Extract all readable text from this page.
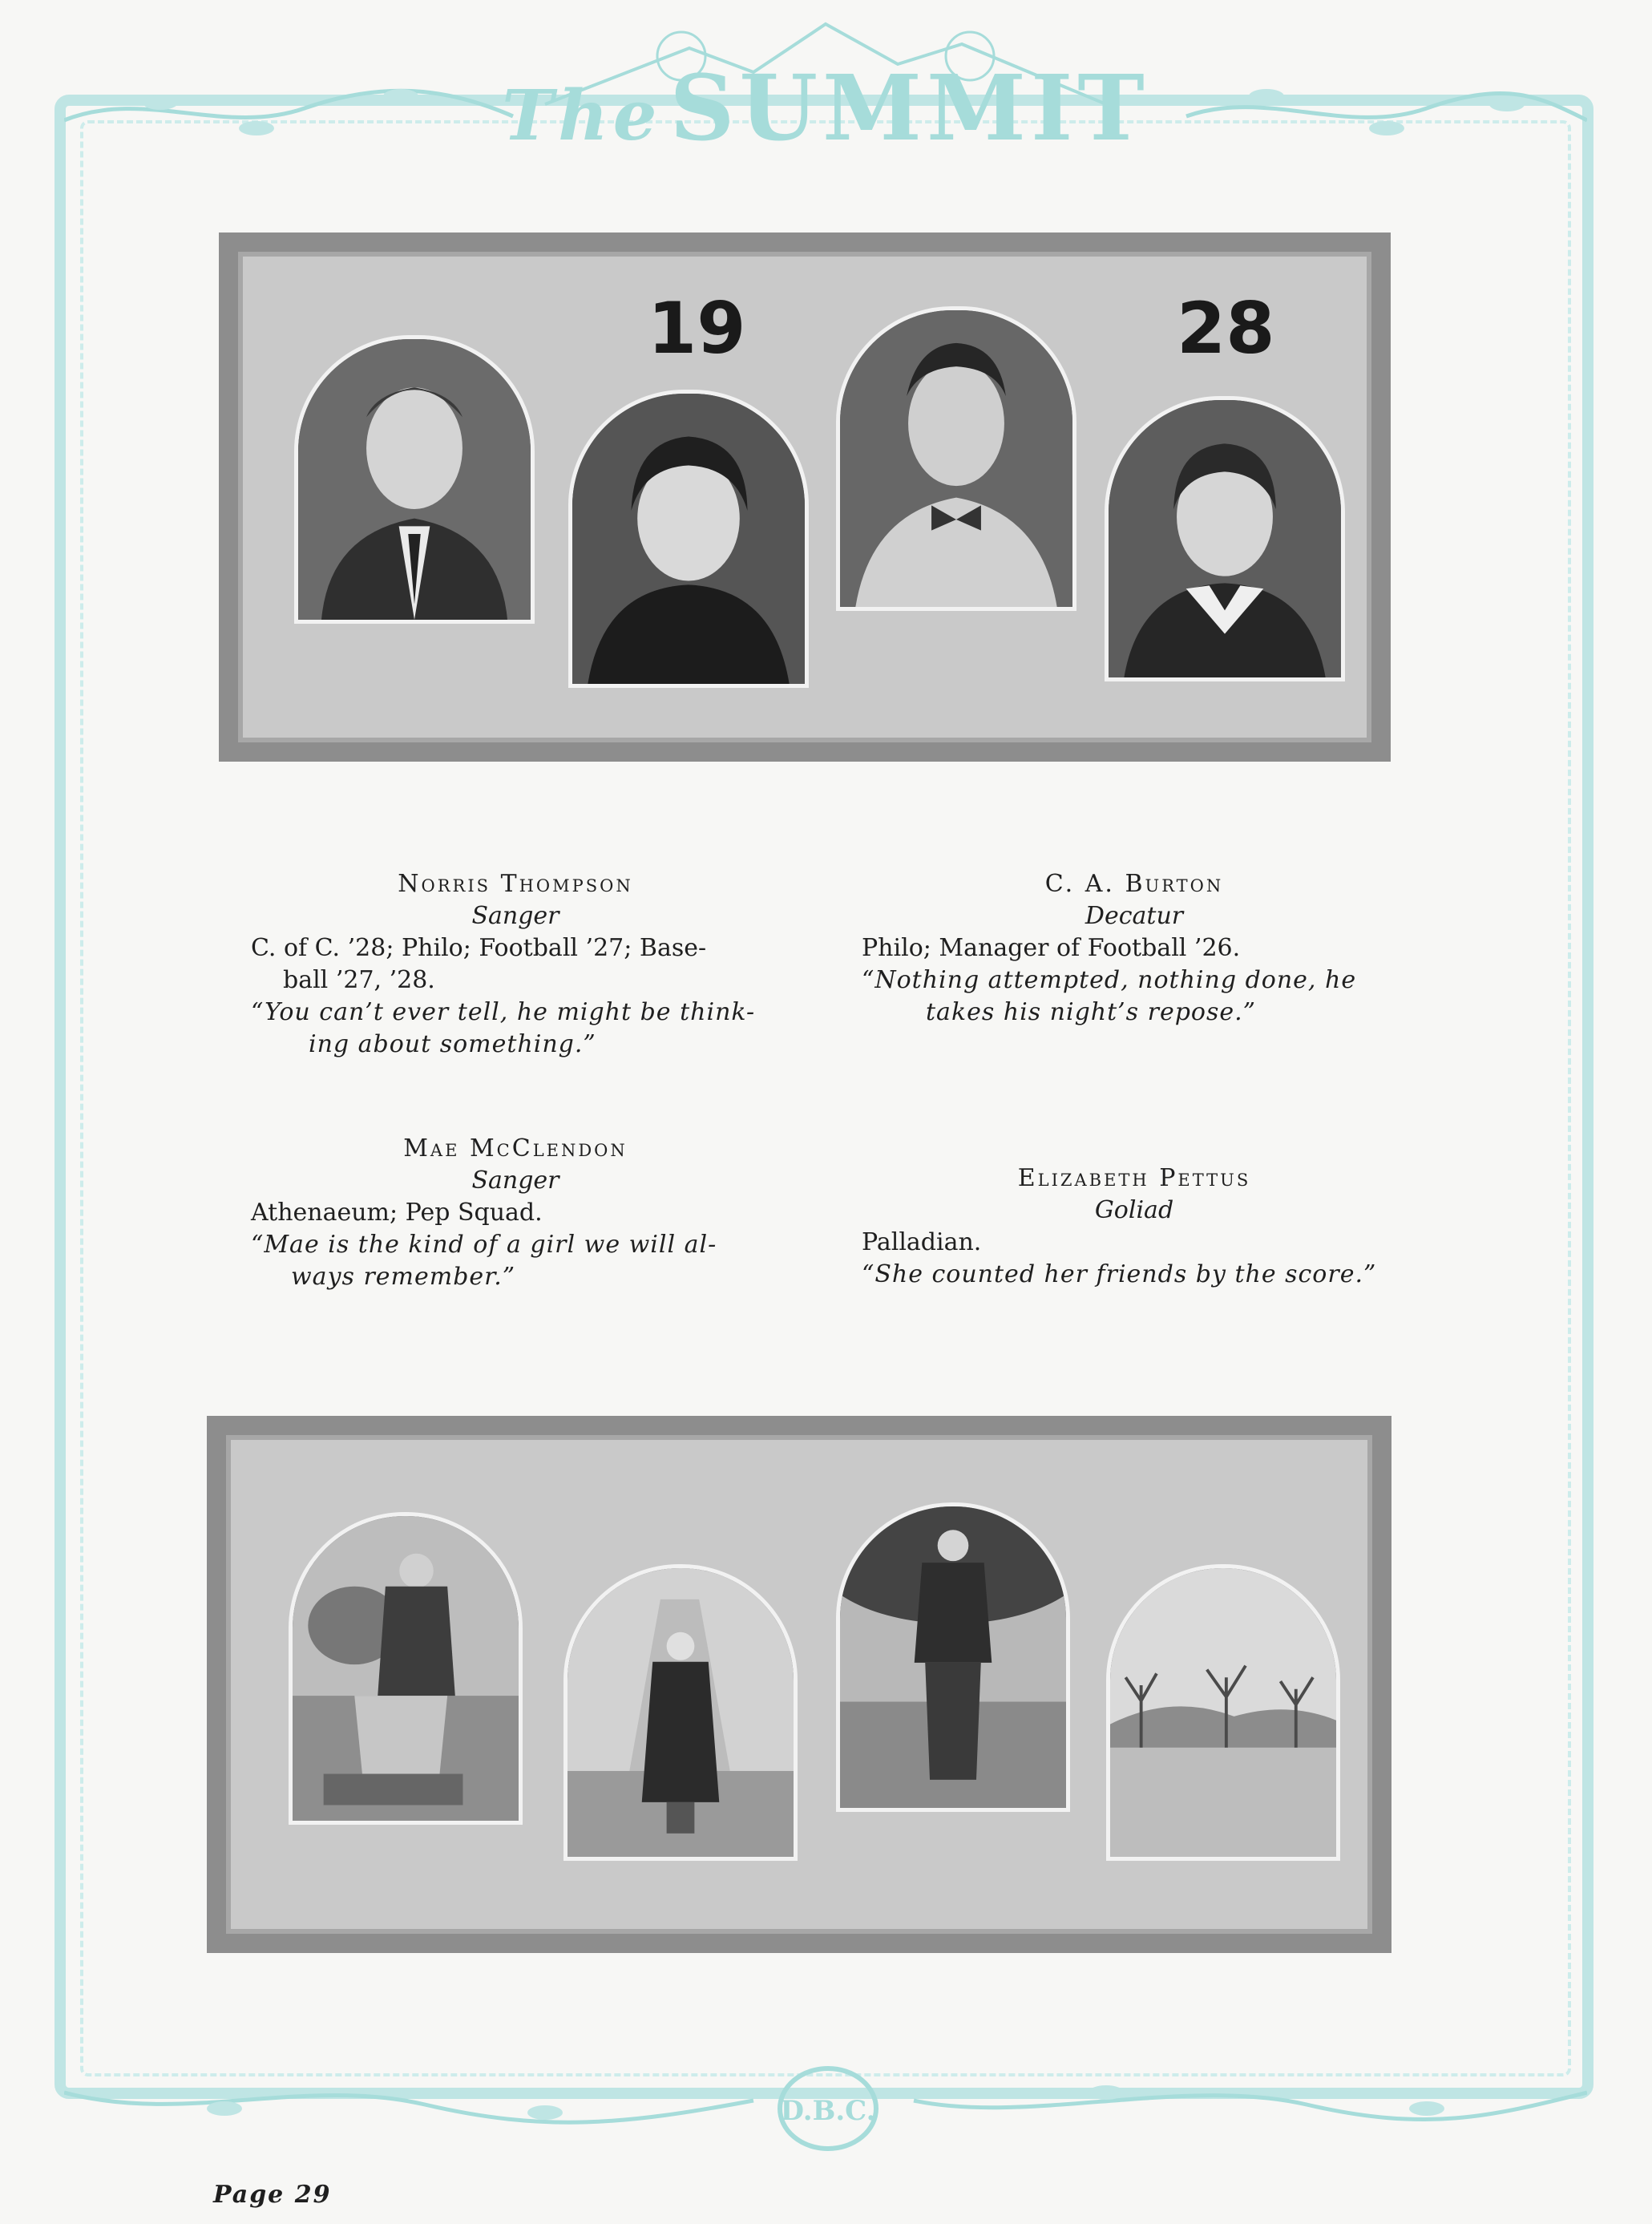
TheSUMMIT
19	28
Norris Thompson
Sanger
C. of C. ’28; Philo; Football ’27; Base-
ball ’27, ’28.
“You can’t ever tell, he might be think-
ing about something.”
C. A. Burton
Decatur
Philo; Manager of Football ’26.
“Nothing attempted, nothing done, he
takes his night’s repose.”
Mae McClendon
Sanger
Athenaeum; Pep Squad.
“Mae is the kind of a girl we will al-
ways remember.”
Elizabeth Pettus
Goliad
Palladian.
“She counted her friends by the score.”
D.B.C.
Page 29
